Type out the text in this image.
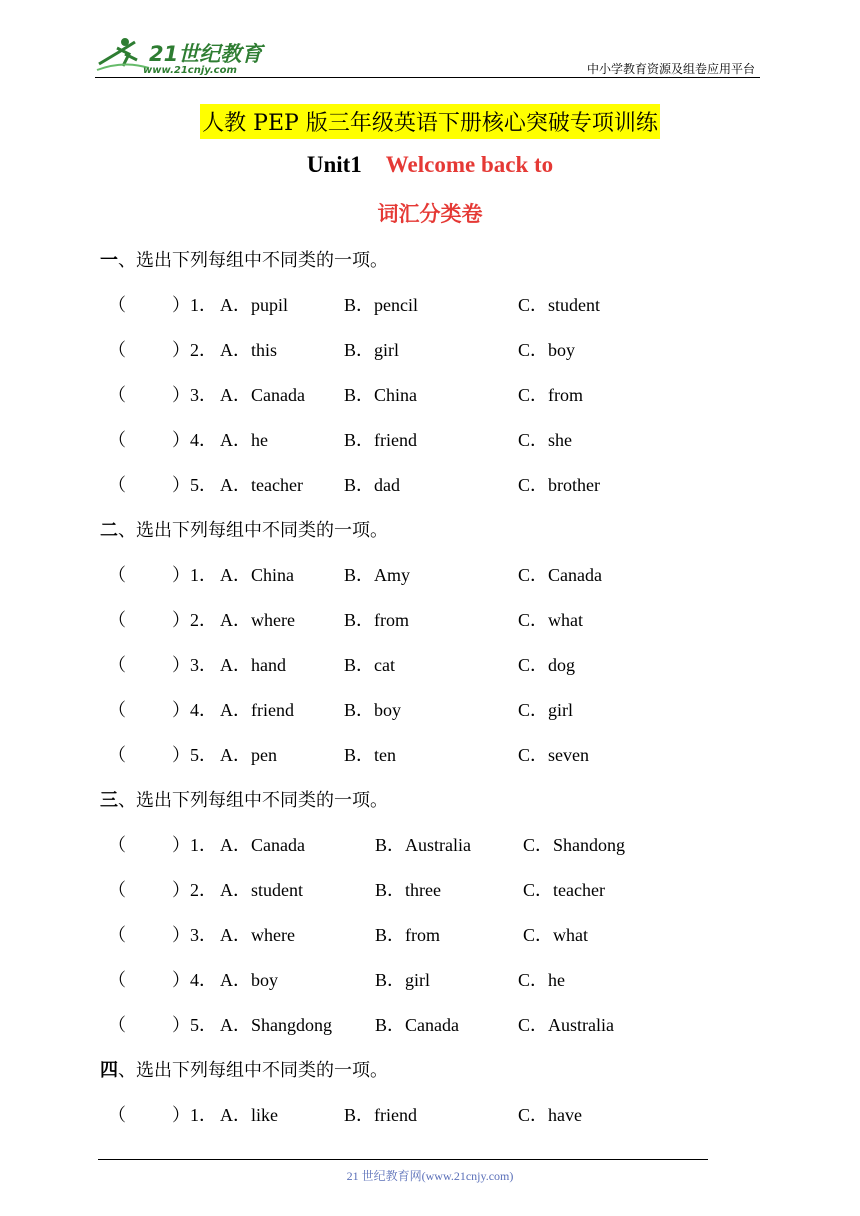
21世纪教育
www.21cnjy.com	中小学教育资源及组卷应用平台
人教 PEP 版三年级英语下册核心突破专项训练
Unit1 Welcome back to
词汇分类卷
一、选出下列每组中不同类的一项。
（	）1． A．pupil	B．pencil	C．student
（	）2． A．this	B．girl	C．boy
（	）3． A．Canada B．China	C．from
（	）4． A．he	B．friend	C．she
（	）5． A．teacher B．dad	C．brother
二、选出下列每组中不同类的一项。
（	）1． A．China	B．Amy	C．Canada
（	）2． A．where	B．from	C．what
（	）3． A．hand	B．cat	C．dog
（	）4． A．friend	B．boy	C．girl
（	）5． A．pen	B．ten	C．seven
三、选出下列每组中不同类的一项。
（	）1． A．Canada	B．Australia	C．Shandong
（	）2． A．student	B．three	C．teacher
（	）3． A．where	B．from	C．what
（	）4． A．boy	B．girl	C．he
（	）5． A．Shangdong B．Canada	C．Australia
四、选出下列每组中不同类的一项。
（	）1． A．like	B．friend	C．have
21 世纪教育网(www.21cnjy.com)
